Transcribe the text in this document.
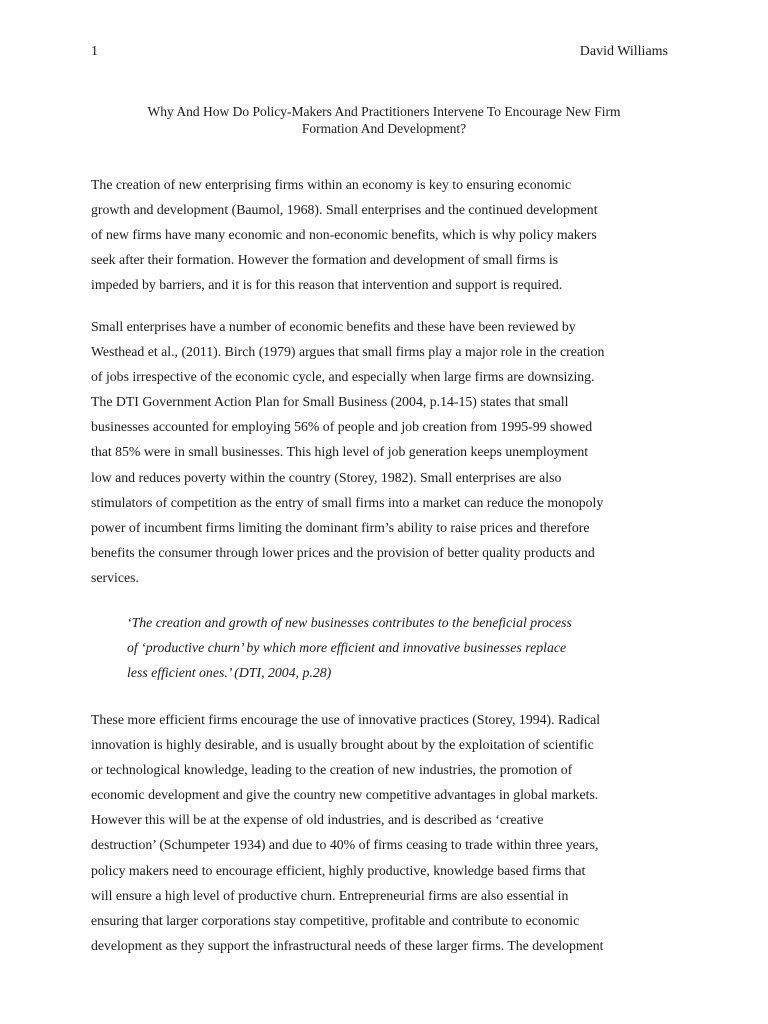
1	David Williams
Why And How Do Policy-Makers And Practitioners Intervene To Encourage New Firm
Formation And Development?

The creation of new enterprising firms within an economy is key to ensuring economic
growth and development (Baumol, 1968). Small enterprises and the continued development
of new firms have many economic and non-economic benefits, which is why policy makers
seek after their formation. However the formation and development of small firms is
impeded by barriers, and it is for this reason that intervention and support is required.

Small enterprises have a number of economic benefits and these have been reviewed by
Westhead et al., (2011). Birch (1979) argues that small firms play a major role in the creation
of jobs irrespective of the economic cycle, and especially when large firms are downsizing.
The DTI Government Action Plan for Small Business (2004, p.14-15) states that small
businesses accounted for employing 56% of people and job creation from 1995-99 showed
that 85% were in small businesses. This high level of job generation keeps unemployment
low and reduces poverty within the country (Storey, 1982). Small enterprises are also
stimulators of competition as the entry of small firms into a market can reduce the monopoly
power of incumbent firms limiting the dominant firm’s ability to raise prices and therefore
benefits the consumer through lower prices and the provision of better quality products and
services.

‘The creation and growth of new businesses contributes to the beneficial process
of ‘productive churn’ by which more efficient and innovative businesses replace
less efficient ones.’ (DTI, 2004, p.28)

These more efficient firms encourage the use of innovative practices (Storey, 1994). Radical
innovation is highly desirable, and is usually brought about by the exploitation of scientific
or technological knowledge, leading to the creation of new industries, the promotion of
economic development and give the country new competitive advantages in global markets.
However this will be at the expense of old industries, and is described as ‘creative
destruction’ (Schumpeter 1934) and due to 40% of firms ceasing to trade within three years,
policy makers need to encourage efficient, highly productive, knowledge based firms that
will ensure a high level of productive churn. Entrepreneurial firms are also essential in
ensuring that larger corporations stay competitive, profitable and contribute to economic
development as they support the infrastructural needs of these larger firms. The development
